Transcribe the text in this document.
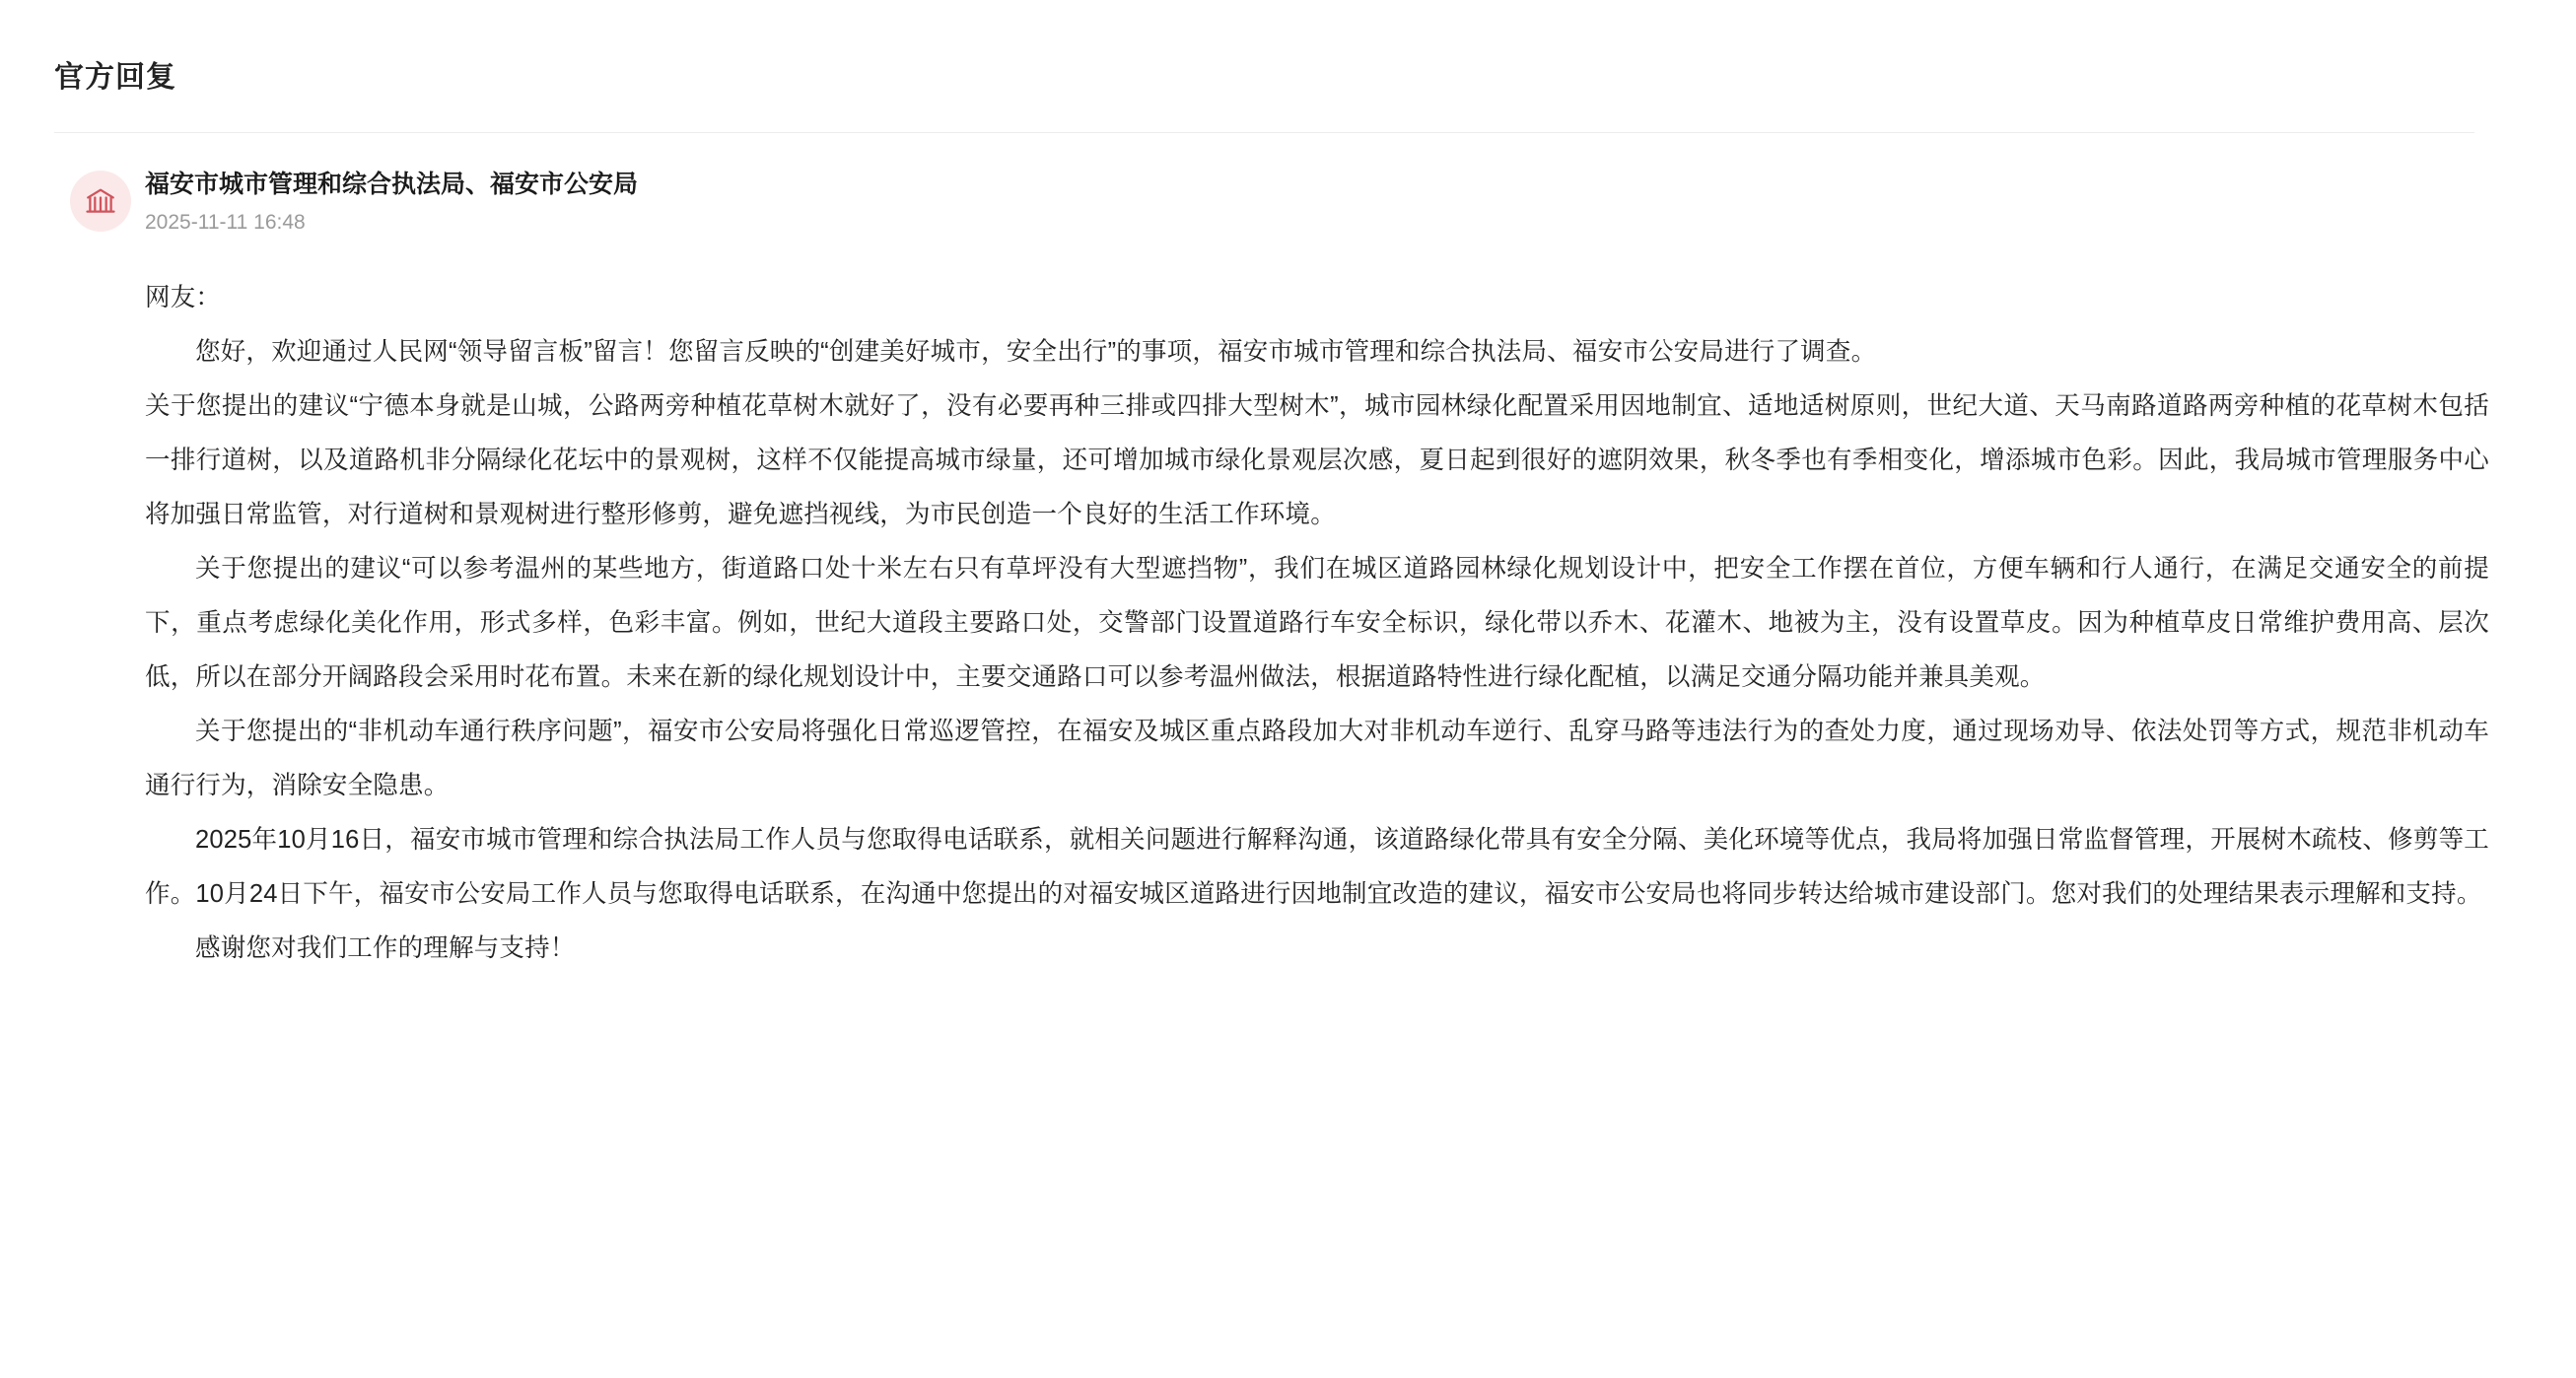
官方回复
福安市城市管理和综合执法局、福安市公安局
2025-11-11 16:48

网友：

您好，欢迎通过人民网“领导留言板”留言！您留言反映的“创建美好城市，安全出行”的事项，福安市城市管理和综合执法局、福安市公安局进行了调查。

关于您提出的建议“宁德本身就是山城，公路两旁种植花草树木就好了，没有必要再种三排或四排大型树木”，城市园林绿化配置采用因地制宜、适地适树原则，世纪大道、天马南路道路两旁种植的花草树木包括一排行道树，以及道路机非分隔绿化花坛中的景观树，这样不仅能提高城市绿量，还可增加城市绿化景观层次感，夏日起到很好的遮阴效果，秋冬季也有季相变化，增添城市色彩。因此，我局城市管理服务中心将加强日常监管，对行道树和景观树进行整形修剪，避免遮挡视线，为市民创造一个良好的生活工作环境。

关于您提出的建议“可以参考温州的某些地方，街道路口处十米左右只有草坪没有大型遮挡物”，我们在城区道路园林绿化规划设计中，把安全工作摆在首位，方便车辆和行人通行，在满足交通安全的前提下，重点考虑绿化美化作用，形式多样，色彩丰富。例如，世纪大道段主要路口处，交警部门设置道路行车安全标识，绿化带以乔木、花灌木、地被为主，没有设置草皮。因为种植草皮日常维护费用高、层次低，所以在部分开阔路段会采用时花布置。未来在新的绿化规划设计中，主要交通路口可以参考温州做法，根据道路特性进行绿化配植，以满足交通分隔功能并兼具美观。

关于您提出的“非机动车通行秩序问题”，福安市公安局将强化日常巡逻管控，在福安及城区重点路段加大对非机动车逆行、乱穿马路等违法行为的查处力度，通过现场劝导、依法处罚等方式，规范非机动车通行行为，消除安全隐患。

2025年10月16日，福安市城市管理和综合执法局工作人员与您取得电话联系，就相关问题进行解释沟通，该道路绿化带具有安全分隔、美化环境等优点，我局将加强日常监督管理，开展树木疏枝、修剪等工作。10月24日下午，福安市公安局工作人员与您取得电话联系，在沟通中您提出的对福安城区道路进行因地制宜改造的建议，福安市公安局也将同步转达给城市建设部门。您对我们的处理结果表示理解和支持。

感谢您对我们工作的理解与支持！
